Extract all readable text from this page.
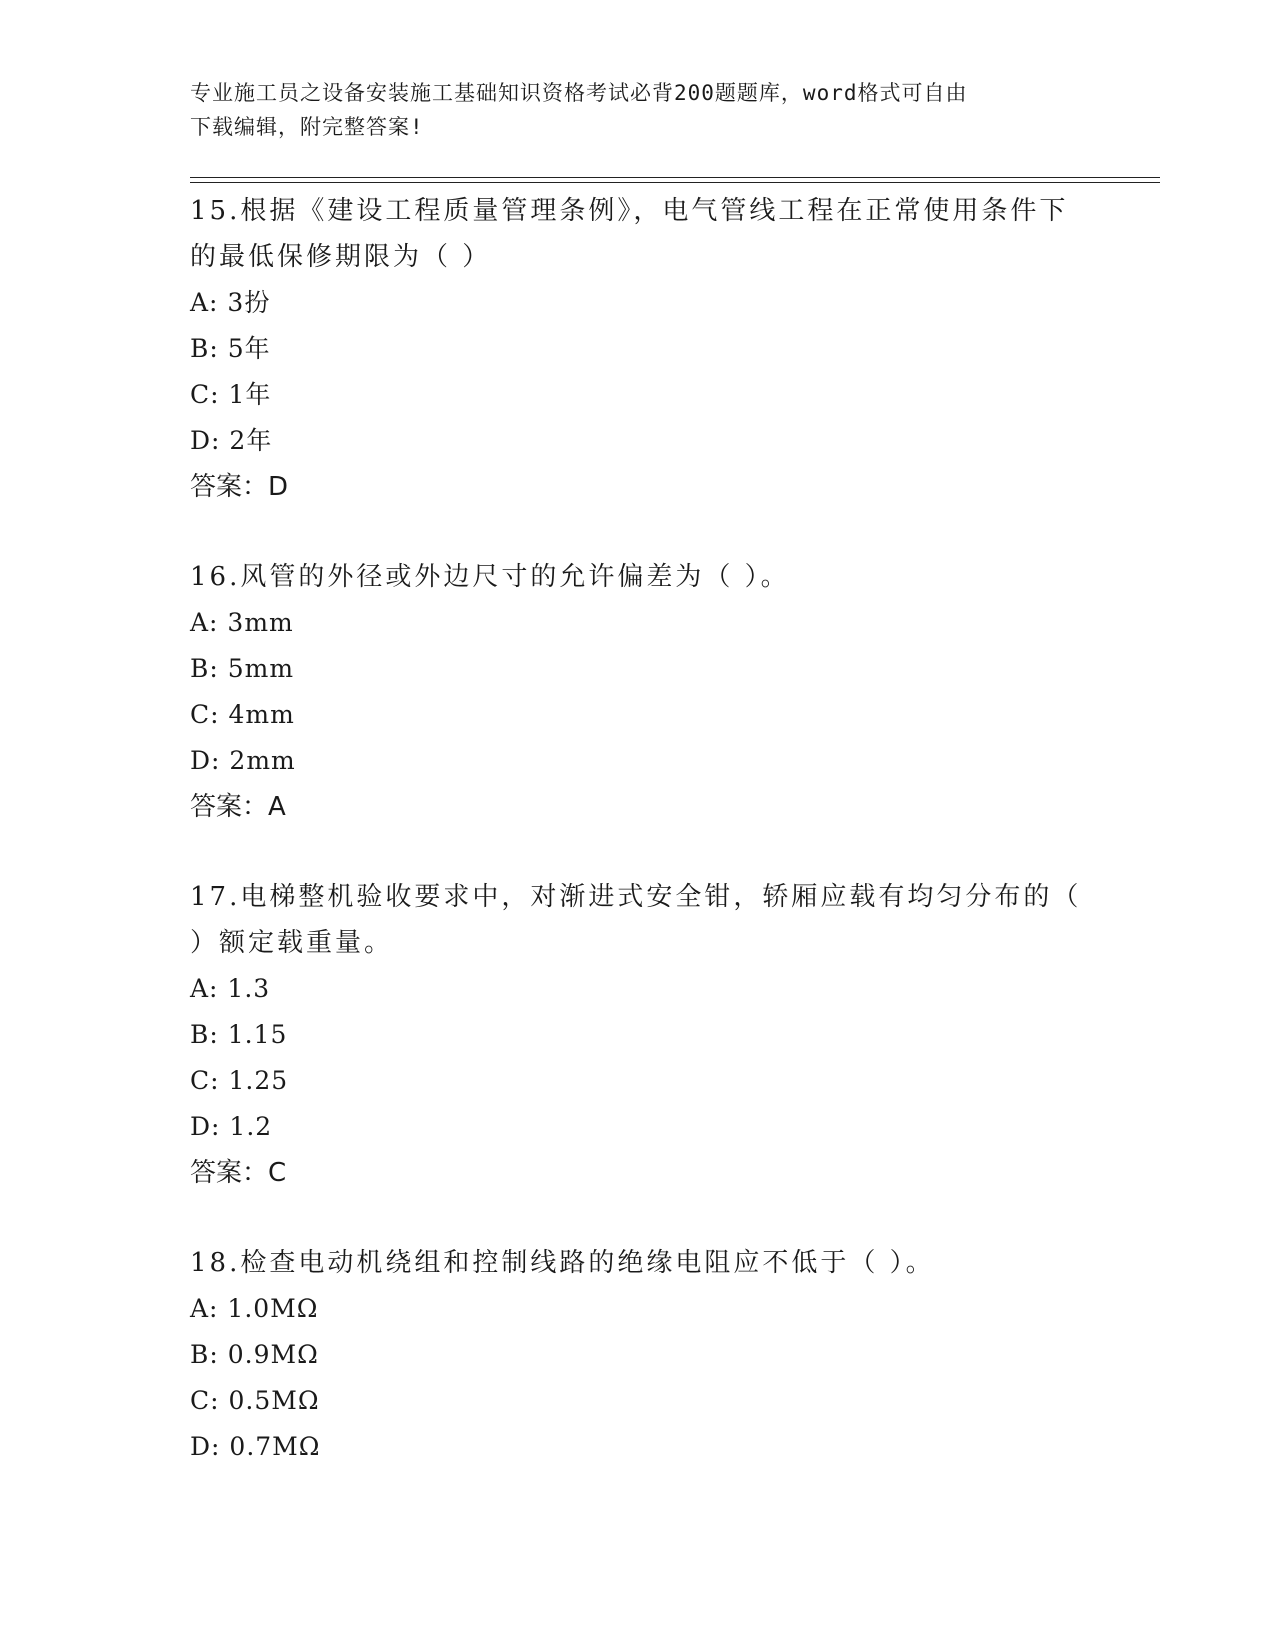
专业施工员之设备安装施工基础知识资格考试必背200题题库，word格式可自由
下载编辑，附完整答案!
15.根据《建设工程质量管理条例》，电气管线工程在正常使用条件下
的最低保修期限为（ ）
A: 3扮
B: 5年
C: 1年
D: 2年
答案：D
16.风管的外径或外边尺寸的允许偏差为（ ）。
A: 3mm
B: 5mm
C: 4mm
D: 2mm
答案：A
17.电梯整机验收要求中，对渐进式安全钳，轿厢应载有均匀分布的（
）额定载重量。
A: 1.3
B: 1.15
C: 1.25
D: 1.2
答案：C
18.检查电动机绕组和控制线路的绝缘电阻应不低于（ ）。
A: 1.0MΩ
B: 0.9MΩ
C: 0.5MΩ
D: 0.7MΩ
